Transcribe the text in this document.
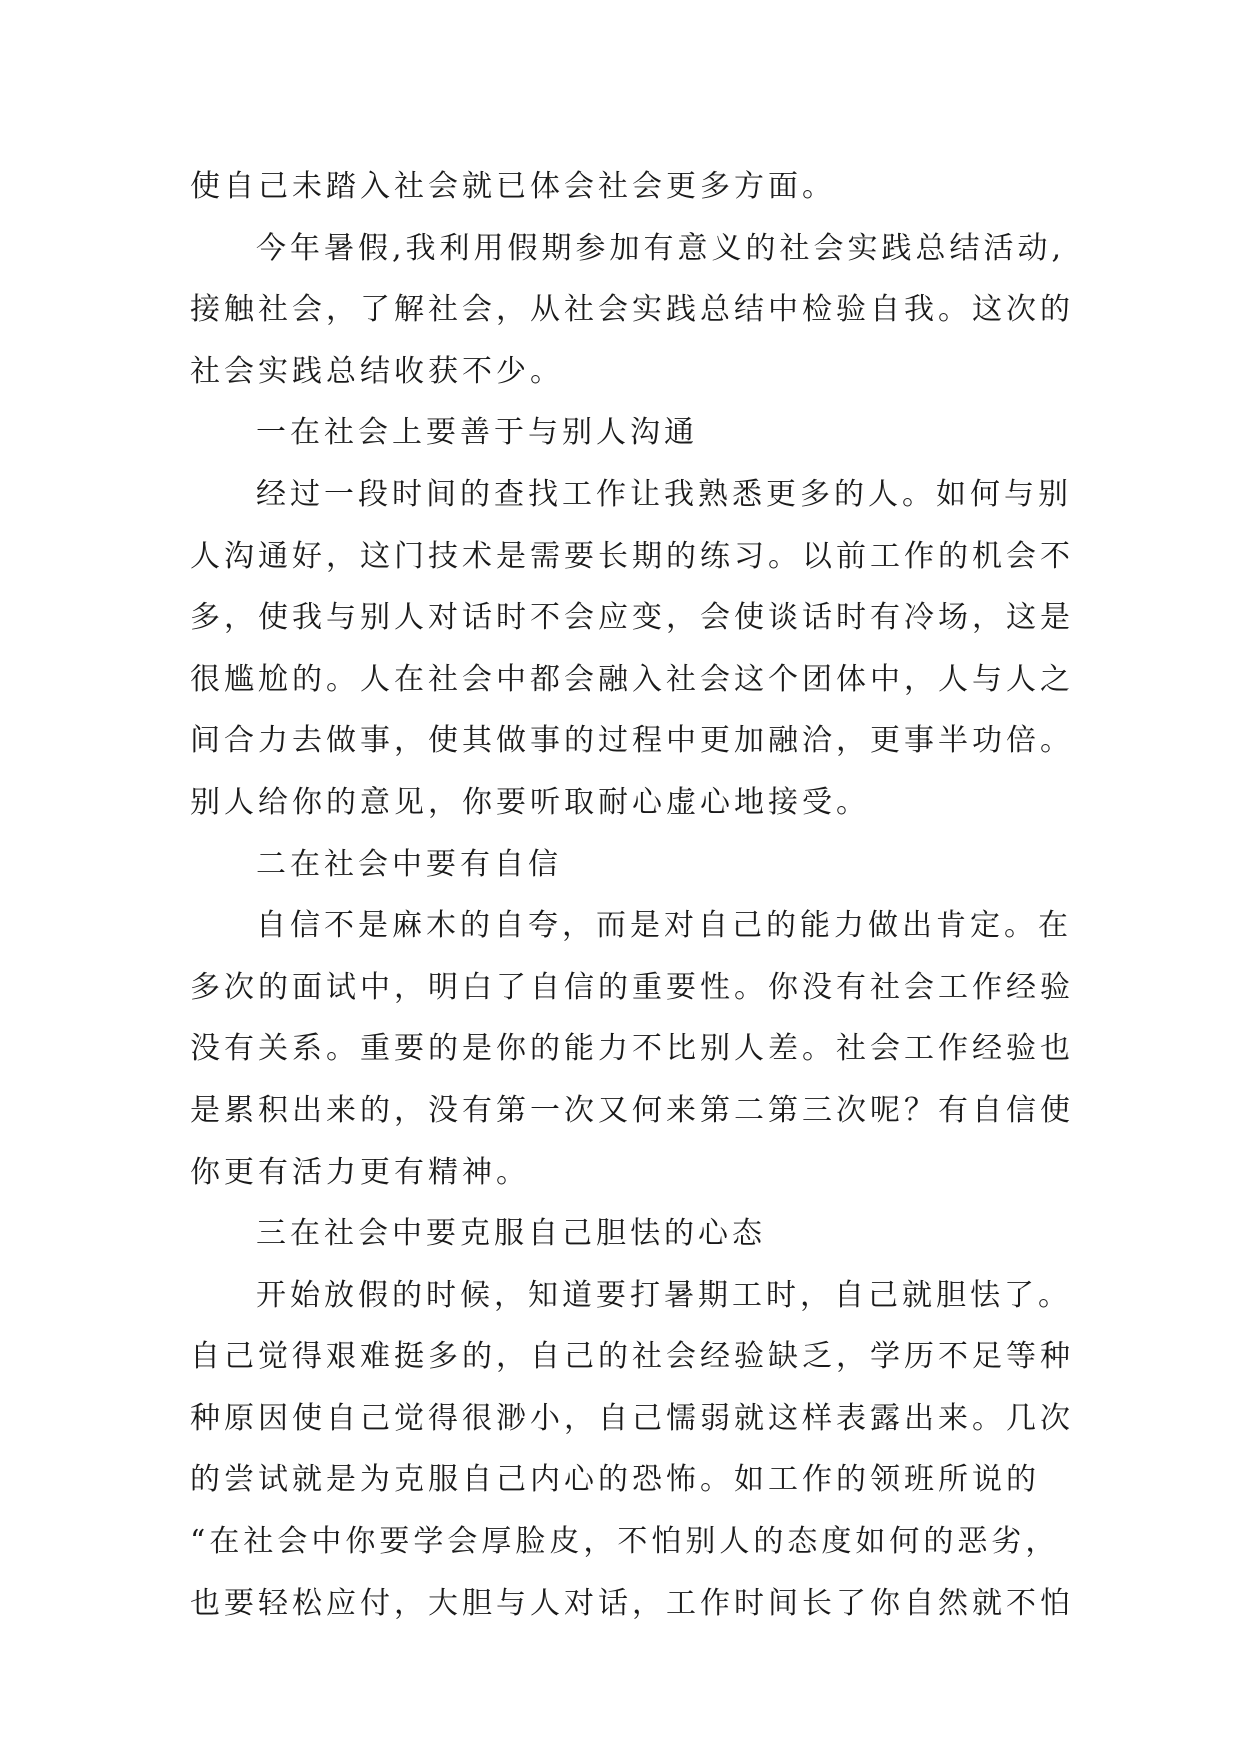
使自己未踏入社会就已体会社会更多方面。

今年暑假,我利用假期参加有意义的社会实践总结活动,

接触社会，了解社会，从社会实践总结中检验自我。这次的

社会实践总结收获不少。

一在社会上要善于与别人沟通

经过一段时间的查找工作让我熟悉更多的人。如何与别

人沟通好，这门技术是需要长期的练习。以前工作的机会不

多，使我与别人对话时不会应变，会使谈话时有冷场，这是

很尴尬的。人在社会中都会融入社会这个团体中，人与人之

间合力去做事，使其做事的过程中更加融洽，更事半功倍。

别人给你的意见，你要听取耐心虚心地接受。

二在社会中要有自信

自信不是麻木的自夸，而是对自己的能力做出肯定。在

多次的面试中，明白了自信的重要性。你没有社会工作经验

没有关系。重要的是你的能力不比别人差。社会工作经验也

是累积出来的，没有第一次又何来第二第三次呢？有自信使

你更有活力更有精神。

三在社会中要克服自己胆怯的心态

开始放假的时候，知道要打暑期工时，自己就胆怯了。

自己觉得艰难挺多的，自己的社会经验缺乏，学历不足等种

种原因使自己觉得很渺小，自己懦弱就这样表露出来。几次

的尝试就是为克服自己内心的恐怖。如工作的领班所说的

“在社会中你要学会厚脸皮，不怕别人的态度如何的恶劣，

也要轻松应付，大胆与人对话，工作时间长了你自然就不怕
